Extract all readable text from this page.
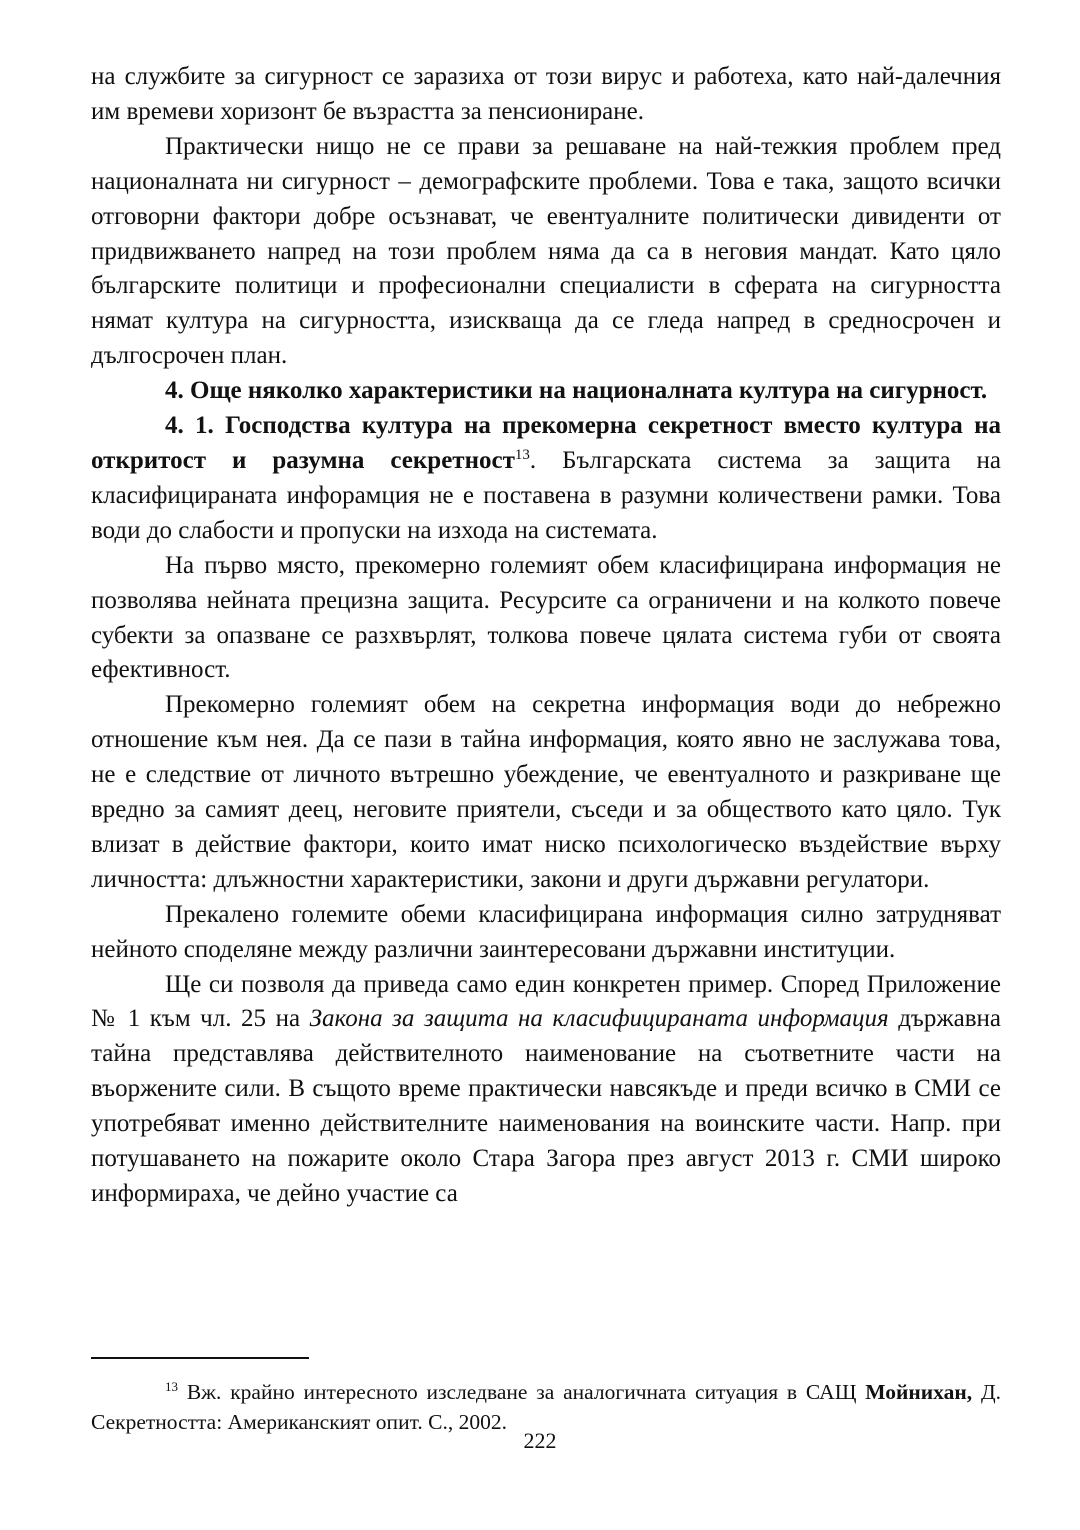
на службите за сигурност се заразиха от този вирус и работеха, като най-далечния им времеви хоризонт бе възрастта за пенсиониране.

Практически нищо не се прави за решаване на най-тежкия проблем пред националната ни сигурност – демографските проблеми. Това е така, защото всички отговорни фактори добре осъзнават, че евентуалните политически дивиденти от придвижването напред на този проблем няма да са в неговия мандат. Като цяло българските политици и професионални специалисти в сферата на сигурността нямат култура на сигурността, изискваща да се гледа напред в средносрочен и дългосрочен план.

4. Още няколко характеристики на националната култура на сигурност.

4. 1. Господства култура на прекомерна секретност вместо култура на откритост и разумна секретност$^{13}$. Българската система за защита на класифицираната инфорамция не е поставена в разумни количествени рамки. Това води до слабости и пропуски на изхода на системата.

На първо място, прекомерно големият обем класифицирана информация не позволява нейната прецизна защита. Ресурсите са ограничени и на колкото повече субекти за опазване се разхвърлят, толкова повече цялата система губи от своята ефективност.

Прекомерно големият обем на секретна информация води до небрежно отношение към нея. Да се пази в тайна информация, която явно не заслужава това, не е следствие от личното вътрешно убеждение, че евентуалното и разкриване ще вредно за самият деец, неговите приятели, съседи и за обществото като цяло. Тук влизат в действие фактори, които имат ниско психологическо въздействие върху личността: длъжностни характеристики, закони и други държавни регулатори.

Прекалено големите обеми класифицирана информация силно затрудняват нейното споделяне между различни заинтересовани държавни институции.

Ще си позволя да приведа само един конкретен пример. Според Приложение № 1 към чл. 25 на Закона за защита на класифицираната информация държавна тайна представлява действителното наименование на съответните части на въоржените сили. В същото време практически навсякъде и преди всичко в СМИ се употребяват именно действителните наименования на воинските части. Напр. при потушаването на пожарите около Стара Загора през август 2013 г. СМИ широко информираха, че дейно участие са

$^{13}$ Вж. крайно интересното изследване за аналогичната ситуация в САЩ Мойнихан, Д. Секретността: Американският опит. С., 2002.
222
